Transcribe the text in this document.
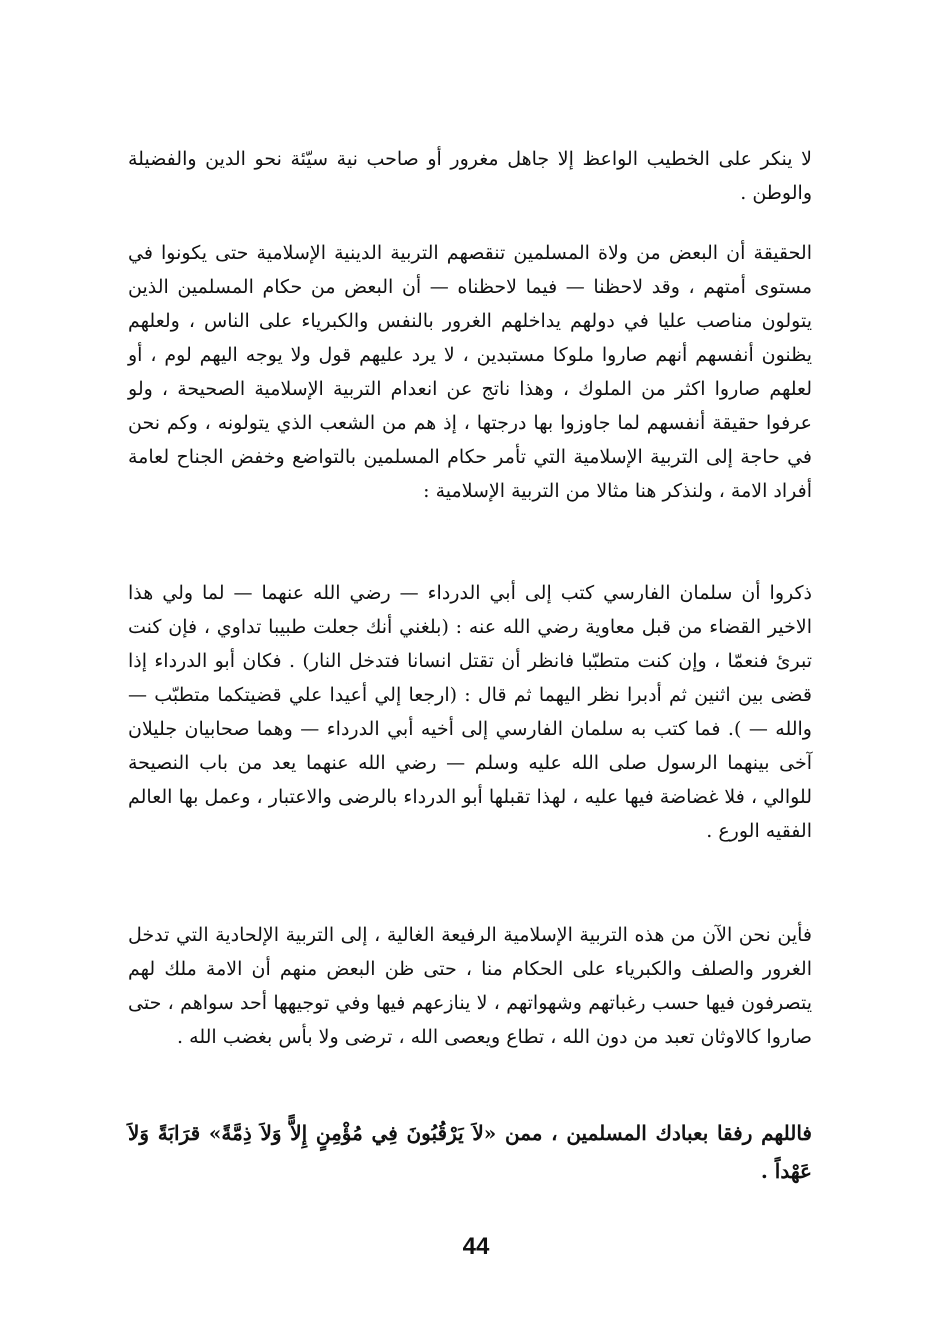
لا ينكر على الخطيب الواعظ إلا جاهل مغرور أو صاحب نية سيّئة نحو الدين والفضيلة والوطن .

الحقيقة أن البعض من ولاة المسلمين تنقصهم التربية الدينية الإسلامية حتى يكونوا في مستوى أمتهم ، وقد لاحظنا — فيما لاحظناه — أن البعض من حكام المسلمين الذين يتولون مناصب عليا في دولهم يداخلهم الغرور بالنفس والكبرياء على الناس ، ولعلهم يظنون أنفسهم أنهم صاروا ملوكا مستبدين ، لا يرد عليهم قول ولا يوجه اليهم لوم ، أو لعلهم صاروا اكثر من الملوك ، وهذا ناتج عن انعدام التربية الإسلامية الصحيحة ، ولو عرفوا حقيقة أنفسهم لما جاوزوا بها درجتها ، إذ هم من الشعب الذي يتولونه ، وكم نحن في حاجة إلى التربية الإسلامية التي تأمر حكام المسلمين بالتواضع وخفض الجناح لعامة أفراد الامة ، ولنذكر هنا مثالا من التربية الإسلامية :

ذكروا أن سلمان الفارسي كتب إلى أبي الدرداء — رضي الله عنهما — لما ولي هذا الاخير القضاء من قبل معاوية رضي الله عنه : (بلغني أنك جعلت طبيبا تداوي ، فإن كنت تبرئ فنعمّا ، وإن كنت متطبّبا فانظر أن تقتل انسانا فتدخل النار) . فكان أبو الدرداء إذا قضى بين اثنين ثم أدبرا نظر اليهما ثم قال : (ارجعا إلي أعيدا علي قضيتكما متطبّب — والله — ). فما كتب به سلمان الفارسي إلى أخيه أبي الدرداء — وهما صحابيان جليلان آخى بينهما الرسول صلى الله عليه وسلم — رضي الله عنهما يعد من باب النصيحة للوالي ، فلا غضاضة فيها عليه ، لهذا تقبلها أبو الدرداء بالرضى والاعتبار ، وعمل بها العالم الفقيه الورع .

فأين نحن الآن من هذه التربية الإسلامية الرفيعة الغالية ، إلى التربية الإلحادية التي تدخل الغرور والصلف والكبرياء على الحكام منا ، حتى ظن البعض منهم أن الامة ملك لهم يتصرفون فيها حسب رغباتهم وشهواتهم ، لا ينازعهم فيها وفي توجيهها أحد سواهم ، حتى صاروا كالاوثان تعبد من دون الله ، تطاع ويعصى الله ، ترضى ولا بأس بغضب الله .

فاللهم رفقا بعبادك المسلمين ، ممن «لاَ يَرْقُبُونَ فِي مُؤْمِنٍ إِلاًّ وَلاَ ذِمَّةً» قرَابَةً وَلاَ عَهْداً .

44
